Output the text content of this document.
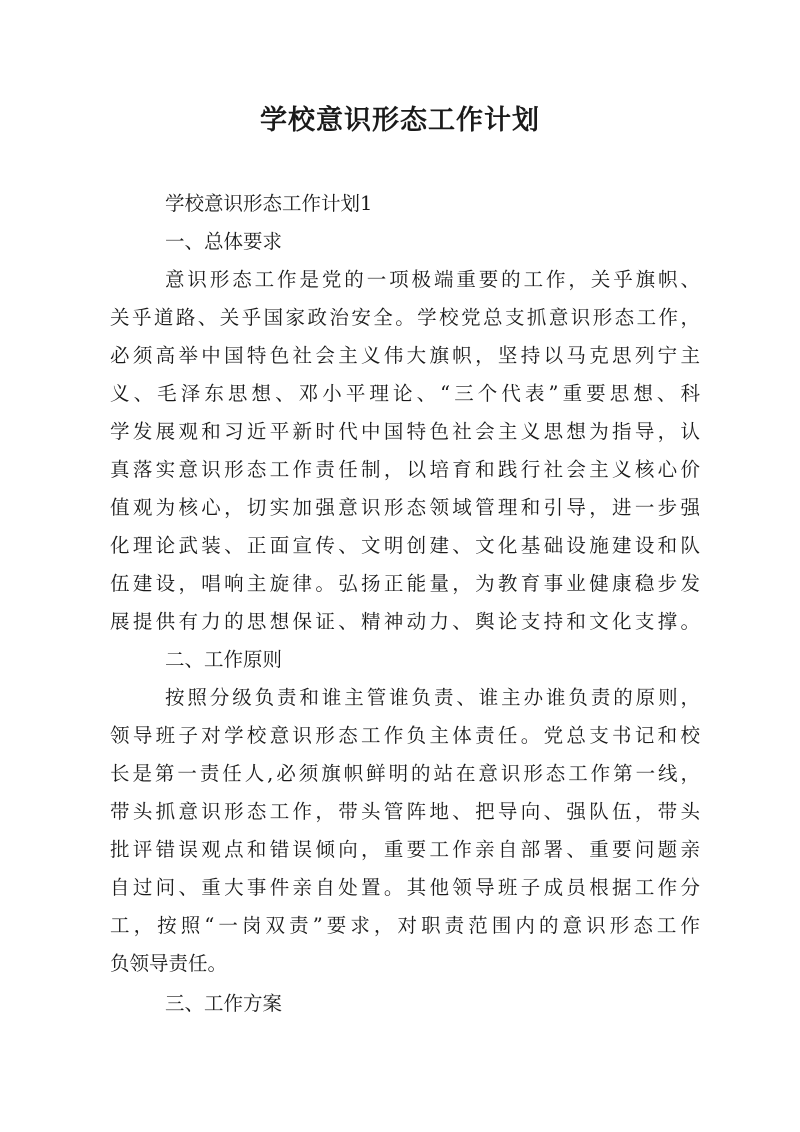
学校意识形态工作计划

学校意识形态工作计划1

一、总体要求

意识形态工作是党的一项极端重要的工作，关乎旗帜、

关乎道路、关乎国家政治安全。学校党总支抓意识形态工作，

必须高举中国特色社会主义伟大旗帜，坚持以马克思列宁主

义、毛泽东思想、邓小平理论、“三个代表”重要思想、科

学发展观和习近平新时代中国特色社会主义思想为指导，认

真落实意识形态工作责任制，以培育和践行社会主义核心价

值观为核心，切实加强意识形态领域管理和引导，进一步强

化理论武装、正面宣传、文明创建、文化基础设施建设和队

伍建设，唱响主旋律。弘扬正能量，为教育事业健康稳步发

展提供有力的思想保证、精神动力、舆论支持和文化支撑。

二、工作原则

按照分级负责和谁主管谁负责、谁主办谁负责的原则，

领导班子对学校意识形态工作负主体责任。党总支书记和校

长是第一责任人,必须旗帜鲜明的站在意识形态工作第一线，

带头抓意识形态工作，带头管阵地、把导向、强队伍，带头

批评错误观点和错误倾向，重要工作亲自部署、重要问题亲

自过问、重大事件亲自处置。其他领导班子成员根据工作分

工，按照“一岗双责”要求，对职责范围内的意识形态工作

负领导责任。

三、工作方案
